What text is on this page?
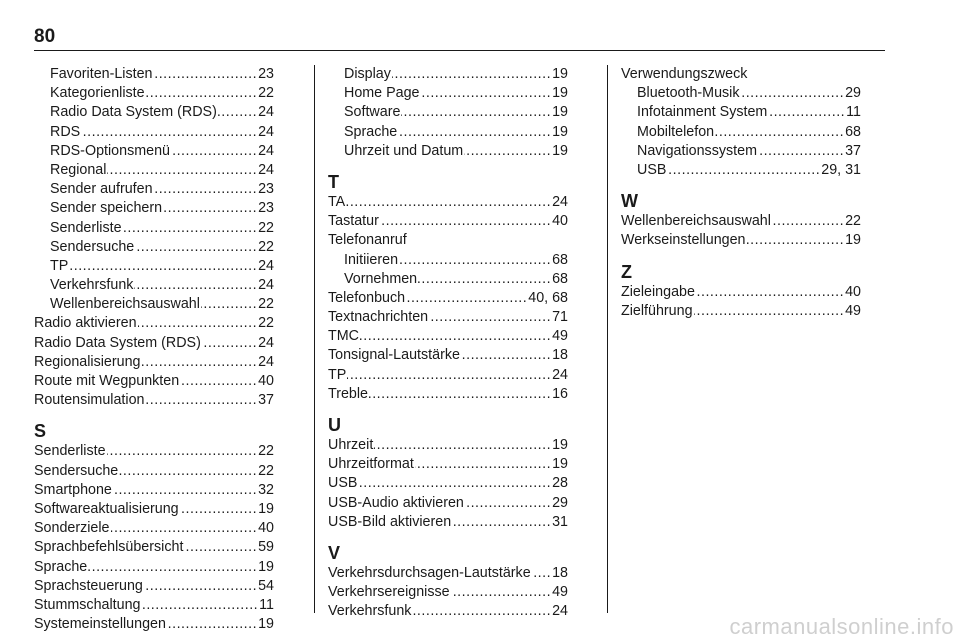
80
Favoriten-Listen .....	23
Kategorienliste .....	22
Radio Data System (RDS) .....	24
RDS .....	24
RDS-Optionsmenü .....	24
Regional .....	24
Sender aufrufen .....	23
Sender speichern .....	23
Senderliste .....	22
Sendersuche .....	22
TP .....	24
Verkehrsfunk .....	24
Wellenbereichsauswahl .....	22
Radio aktivieren .....	22
Radio Data System (RDS) .....	24
Regionalisierung .....	24
Route mit Wegpunkten .....	40
Routensimulation .....	37
S
Senderliste .....	22
Sendersuche .....	22
Smartphone .....	32
Softwareaktualisierung .....	19
Sonderziele .....	40
Sprachbefehlsübersicht .....	59
Sprache .....	19
Sprachsteuerung .....	54
Stummschaltung .....	11
Systemeinstellungen .....	19
Display .....	19
Home Page .....	19
Software .....	19
Sprache .....	19
Uhrzeit und Datum .....	19
T
TA .....	24
Tastatur .....	40
Telefonanruf
Initiieren .....	68
Vornehmen .....	68
Telefonbuch .....	40, 68
Textnachrichten .....	71
TMC .....	49
Tonsignal-Lautstärke .....	18
TP .....	24
Treble .....	16
U
Uhrzeit .....	19
Uhrzeitformat .....	19
USB .....	28
USB-Audio aktivieren .....	29
USB-Bild aktivieren .....	31
V
Verkehrsdurchsagen-Lautstärke ..... 18
Verkehrsereignisse .....	49
Verkehrsfunk .....	24
Verwendungszweck
Bluetooth-Musik .....	29
Infotainment System .....	11
Mobiltelefon .....	68
Navigationssystem .....	37
USB .....	29, 31
W
Wellenbereichsauswahl .....	22
Werkseinstellungen .....	19
Z
Zieleingabe .....	40
Zielführung .....	49
carmanualsonline.info
